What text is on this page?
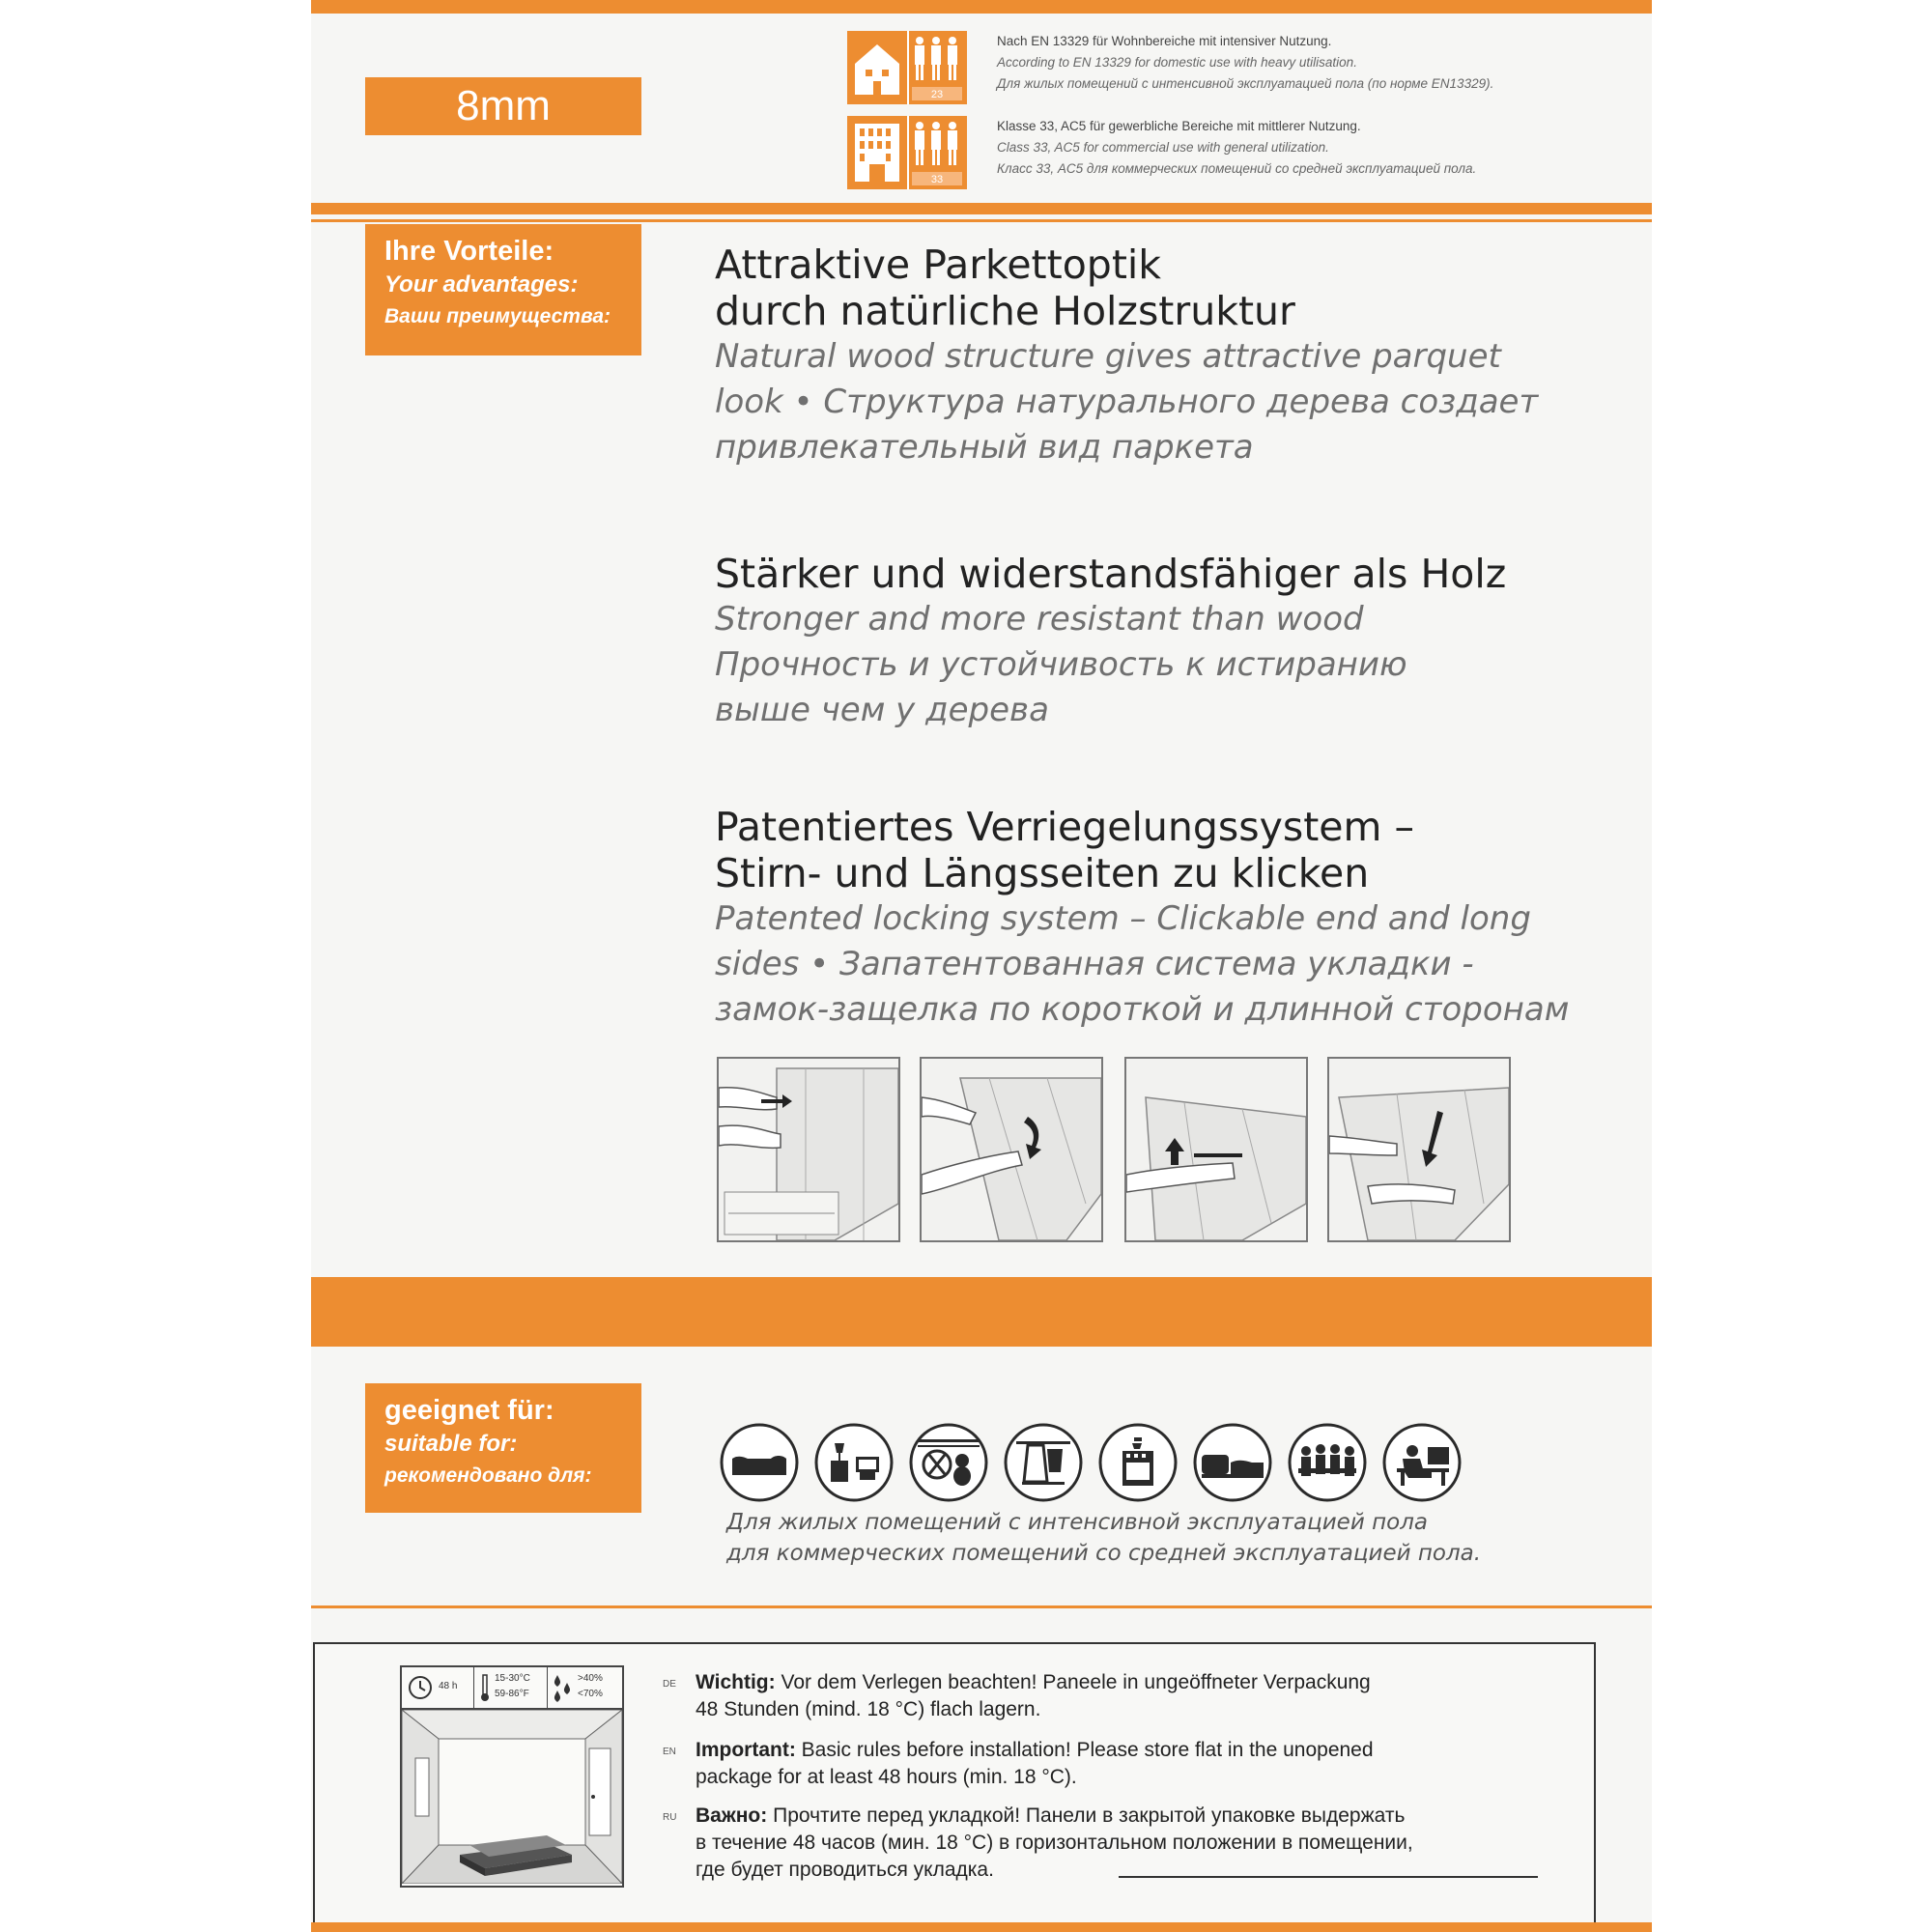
8mm	23
Nach EN 13329 für Wohnbereiche mit intensiver Nutzung.
According to EN 13329 for domestic use with heavy utilisation.
Для жилых помещений с интенсивной эксплуатацией пола (по норме EN13329).
33
Klasse 33, AC5 für gewerbliche Bereiche mit mittlerer Nutzung.
Class 33, AC5 for commercial use with general utilization.
Класс 33, AC5 для коммерческих помещений со средней эксплуатацией пола.
Ihre Vorteile:
Your advantages:
Ваши преимущества:
Attraktive Parkettoptik
durch natürliche Holzstruktur
Natural wood structure gives attractive parquet
look • Структура натурального дерева создает
привлекательный вид паркета
Stärker und widerstandsfähiger als Holz
Stronger and more resistant than wood
Прочность и устойчивость к истиранию
выше чем у дерева
Patentiertes Verriegelungssystem –
Stirn- und Längsseiten zu klicken
Patented locking system – Clickable end and long
sides • Запатентованная система укладки -
замок-защелка по короткой и длинной сторонам
geeignet für:
suitable for:
рекомендовано для:
Для жилых помещений с интенсивной эксплуатацией пола
для коммерческих помещений со средней эксплуатацией пола.
48 h
15-30°C
59-86°F
>40%
<70%
DE Wichtig: Vor dem Verlegen beachten! Paneele in ungeöffneter Verpackung
48 Stunden (mind. 18 °C) flach lagern.
EN Important: Basic rules before installation! Please store flat in the unopened
package for at least 48 hours (min. 18 °C).
RU Важно: Прочтите перед укладкой! Панели в закрытой упаковке выдержать
в течение 48 часов (мин. 18 °C) в горизонтальном положении в помещении,
где будет проводиться укладка.
